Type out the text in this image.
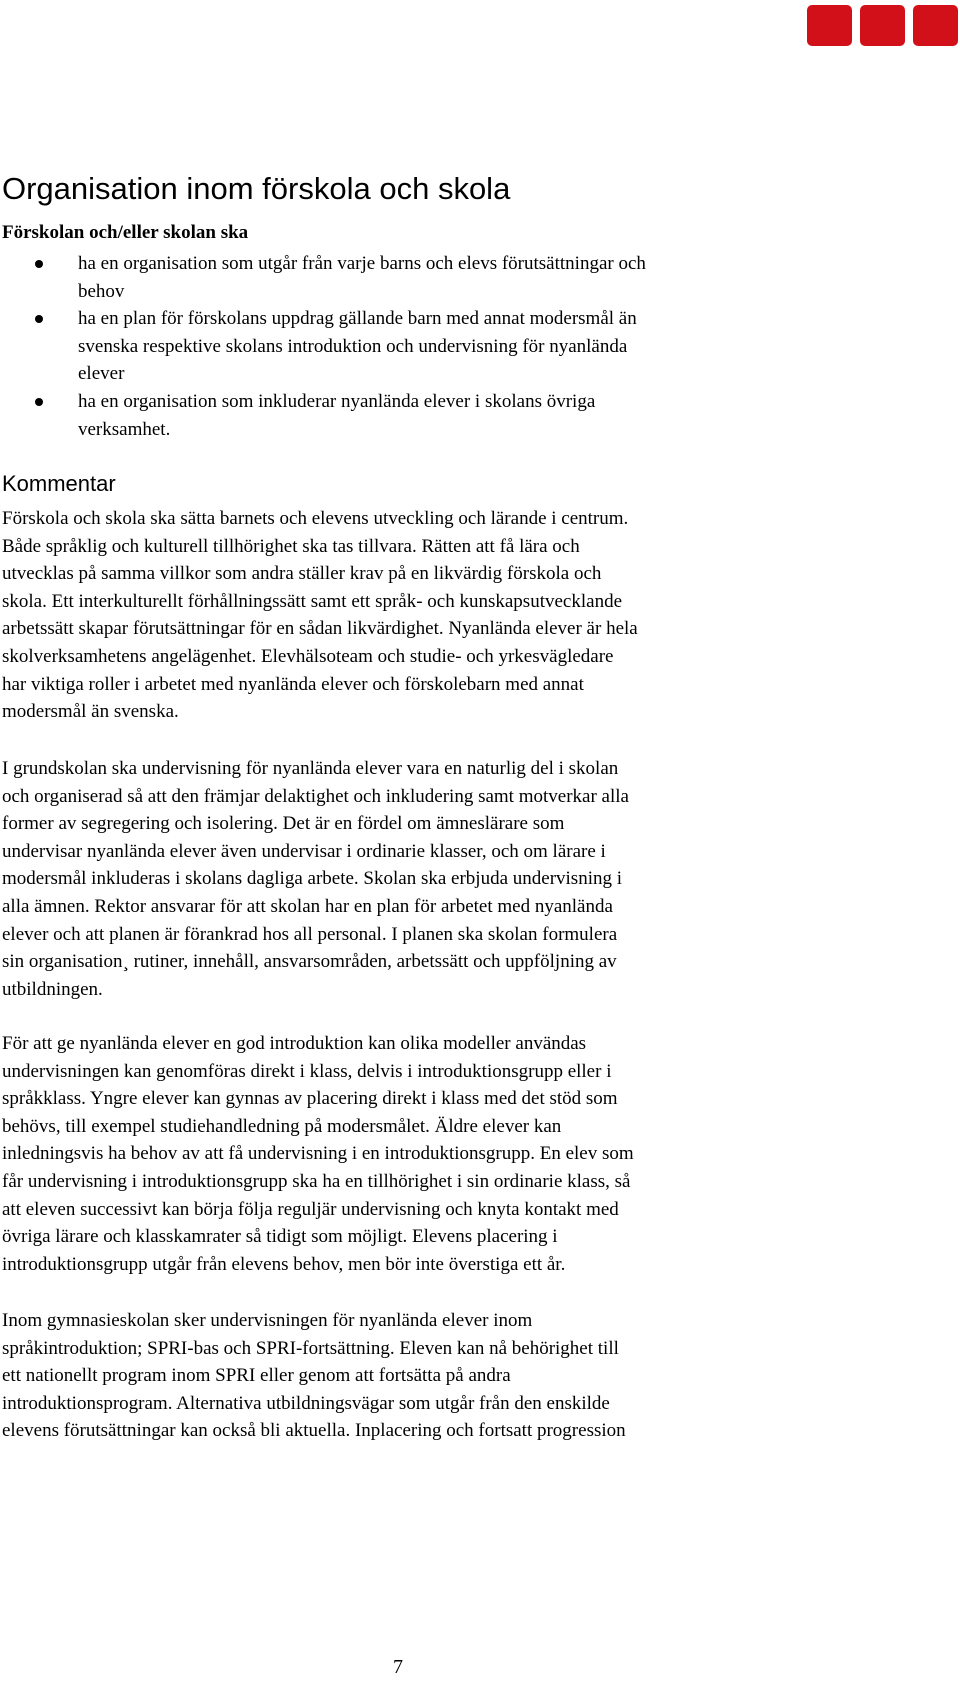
Organisation inom förskola och skola

Förskolan och/eller skolan ska

ha en organisation som utgår från varje barns och elevs förutsättningar och
behov
ha en plan för förskolans uppdrag gällande barn med annat modersmål än
svenska respektive skolans introduktion och undervisning för nyanlända
elever
ha en organisation som inkluderar nyanlända elever i skolans övriga
verksamhet.
Kommentar

Förskola och skola ska sätta barnets och elevens utveckling och lärande i centrum.
Både språklig och kulturell tillhörighet ska tas tillvara. Rätten att få lära och
utvecklas på samma villkor som andra ställer krav på en likvärdig förskola och
skola. Ett interkulturellt förhållningssätt samt ett språk- och kunskapsutvecklande
arbetssätt skapar förutsättningar för en sådan likvärdighet. Nyanlända elever är hela
skolverksamhetens angelägenhet. Elevhälsoteam och studie- och yrkesvägledare
har viktiga roller i arbetet med nyanlända elever och förskolebarn med annat
modersmål än svenska.

I grundskolan ska undervisning för nyanlända elever vara en naturlig del i skolan
och organiserad så att den främjar delaktighet och inkludering samt motverkar alla
former av segregering och isolering. Det är en fördel om ämneslärare som
undervisar nyanlända elever även undervisar i ordinarie klasser, och om lärare i
modersmål inkluderas i skolans dagliga arbete. Skolan ska erbjuda undervisning i
alla ämnen. Rektor ansvarar för att skolan har en plan för arbetet med nyanlända
elever och att planen är förankrad hos all personal. I planen ska skolan formulera
sin organisation¸ rutiner, innehåll, ansvarsområden, arbetssätt och uppföljning av
utbildningen.

För att ge nyanlända elever en god introduktion kan olika modeller användas
undervisningen kan genomföras direkt i klass, delvis i introduktionsgrupp eller i
språkklass. Yngre elever kan gynnas av placering direkt i klass med det stöd som
behövs, till exempel studiehandledning på modersmålet. Äldre elever kan
inledningsvis ha behov av att få undervisning i en introduktionsgrupp. En elev som
får undervisning i introduktionsgrupp ska ha en tillhörighet i sin ordinarie klass, så
att eleven successivt kan börja följa reguljär undervisning och knyta kontakt med
övriga lärare och klasskamrater så tidigt som möjligt. Elevens placering i
introduktionsgrupp utgår från elevens behov, men bör inte överstiga ett år.

Inom gymnasieskolan sker undervisningen för nyanlända elever inom
språkintroduktion; SPRI-bas och SPRI-fortsättning. Eleven kan nå behörighet till
ett nationellt program inom SPRI eller genom att fortsätta på andra
introduktionsprogram. Alternativa utbildningsvägar som utgår från den enskilde
elevens förutsättningar kan också bli aktuella. Inplacering och fortsatt progression

7
